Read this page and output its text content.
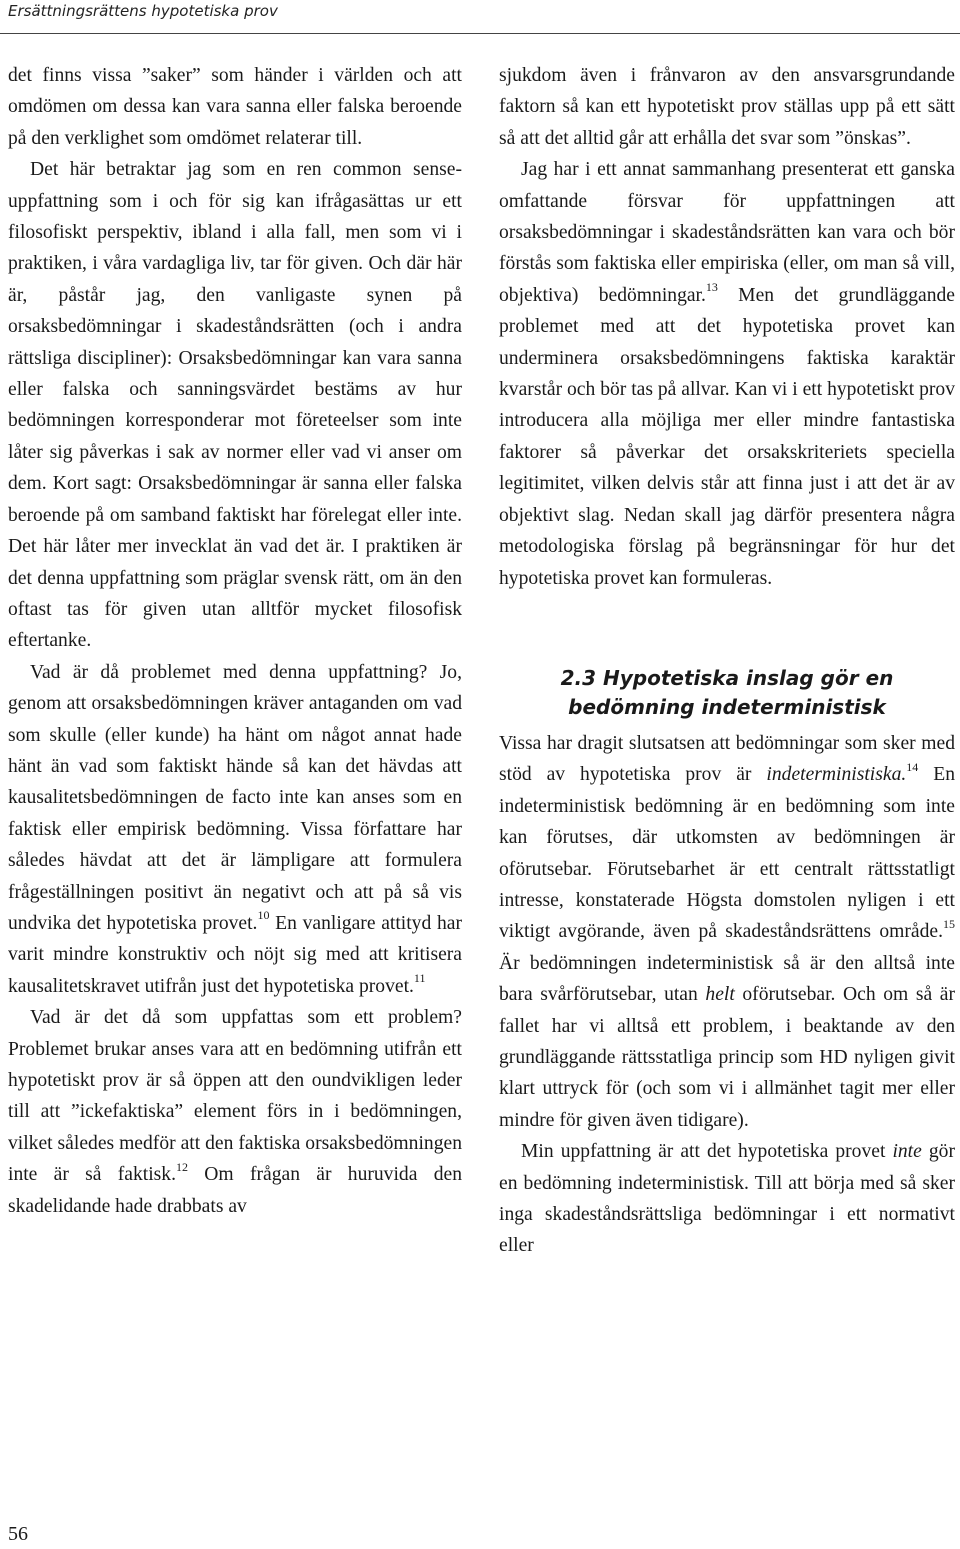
Ersättningsrättens hypotetiska prov

det finns vissa ”saker” som händer i världen och att omdömen om dessa kan vara sanna eller falska beroende på den verklighet som omdömet relaterar till.

Det här betraktar jag som en ren common sense-uppfattning som i och för sig kan ifrågasättas ur ett filosofiskt perspektiv, ibland i alla fall, men som vi i praktiken, i våra vardagliga liv, tar för given. Och där här är, påstår jag, den vanligaste synen på orsaksbedömningar i skadeståndsrätten (och i andra rättsliga discipliner): Orsaksbedömningar kan vara sanna eller falska och sanningsvärdet bestäms av hur bedömningen korresponderar mot företeelser som inte låter sig påverkas i sak av normer eller vad vi anser om dem. Kort sagt: Orsaksbedömningar är sanna eller falska beroende på om samband faktiskt har förelegat eller inte. Det här låter mer invecklat än vad det är. I praktiken är det denna uppfattning som präglar svensk rätt, om än den oftast tas för given utan alltför mycket filosofisk eftertanke.

Vad är då problemet med denna uppfattning? Jo, genom att orsaksbedömningen kräver antaganden om vad som skulle (eller kunde) ha hänt om något annat hade hänt än vad som faktiskt hände så kan det hävdas att kausalitetsbedömningen de facto inte kan anses som en faktisk eller empirisk bedömning. Vissa författare har således hävdat att det är lämpligare att formulera frågeställningen positivt än negativt och att på så vis undvika det hypotetiska provet.$^{10}$ En vanligare attityd har varit mindre konstruktiv och nöjt sig med att kritisera kausalitetskravet utifrån just det hypotetiska provet.$^{11}$

Vad är det då som uppfattas som ett problem? Problemet brukar anses vara att en bedömning utifrån ett hypotetiskt prov är så öppen att den oundvikligen leder till att ”ickefaktiska” element förs in i bedömningen, vilket således medför att den faktiska orsaksbedömningen inte är så faktisk.$^{12}$ Om frågan är huruvida den skadelidande hade drabbats av

sjukdom även i frånvaron av den ansvarsgrundande faktorn så kan ett hypotetiskt prov ställas upp på ett sätt så att det alltid går att erhålla det svar som ”önskas”.

Jag har i ett annat sammanhang presenterat ett ganska omfattande försvar för uppfattningen att orsaksbedömningar i skadeståndsrätten kan vara och bör förstås som faktiska eller empiriska (eller, om man så vill, objektiva) bedömningar.$^{13}$ Men det grundläggande problemet med att det hypotetiska provet kan underminera orsaksbedömningens faktiska karaktär kvarstår och bör tas på allvar. Kan vi i ett hypotetiskt prov introducera alla möjliga mer eller mindre fantastiska faktorer så påverkar det orsakskriteriets speciella legitimitet, vilken delvis står att finna just i att det är av objektivt slag. Nedan skall jag därför presentera några metodologiska förslag på begränsningar för hur det hypotetiska provet kan formuleras.

2.3 Hypotetiska inslag gör en
bedömning indeterministisk

Vissa har dragit slutsatsen att bedömningar som sker med stöd av hypotetiska prov är indeterministiska.$^{14}$ En indeterministisk bedömning är en bedömning som inte kan förutses, där utkomsten av bedömningen är oförutsebar. Förutsebarhet är ett centralt rättsstatligt intresse, konstaterade Högsta domstolen nyligen i ett viktigt avgörande, även på skadeståndsrättens område.$^{15}$ Är bedömningen indeterministisk så är den alltså inte bara svårförutsebar, utan helt oförutsebar. Och om så är fallet har vi alltså ett problem, i beaktande av den grundläggande rättsstatliga princip som HD nyligen givit klart uttryck för (och som vi i allmänhet tagit mer eller mindre för given även tidigare).

Min uppfattning är att det hypotetiska provet inte gör en bedömning indeterministisk. Till att börja med så sker inga skadeståndsrättsliga bedömningar i ett normativt eller

56
